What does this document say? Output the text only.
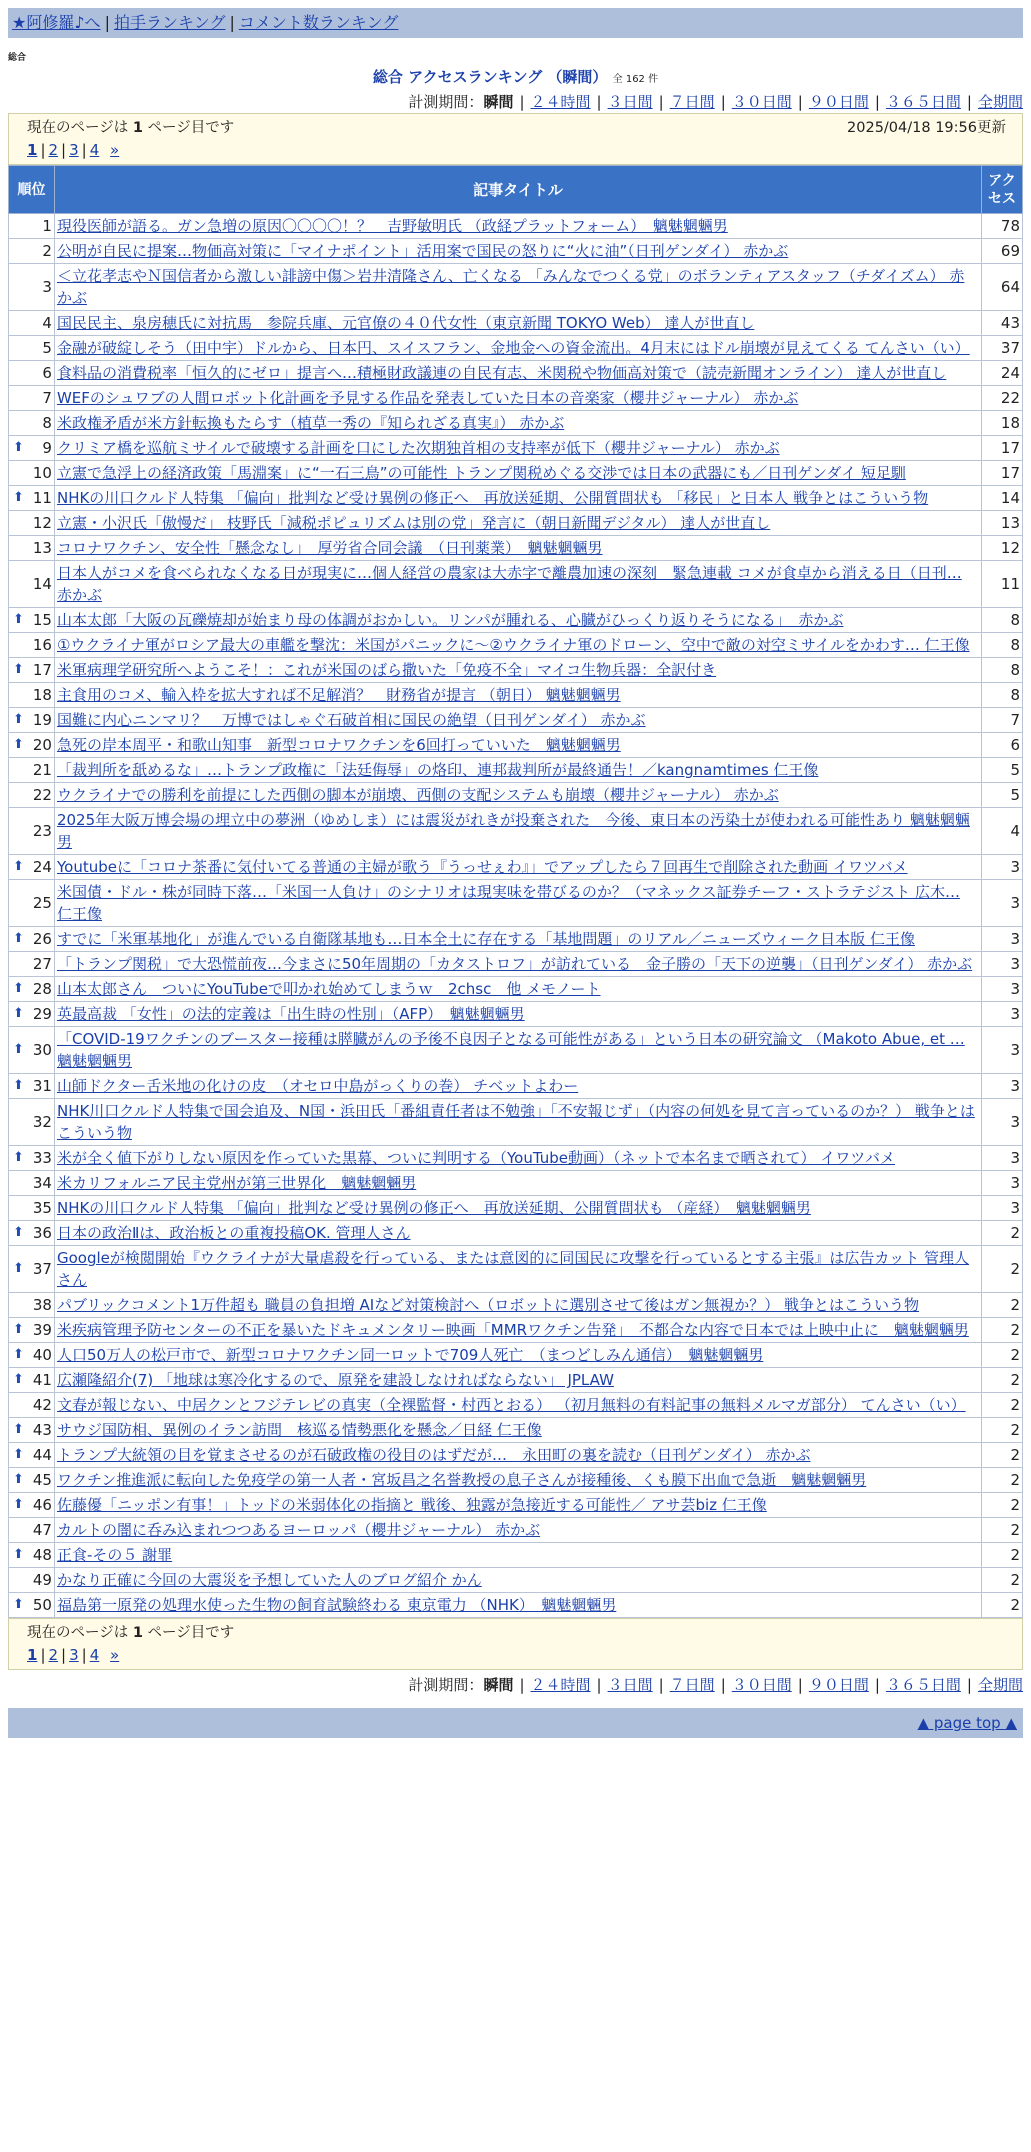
★阿修羅♪へ | 拍手ランキング | コメント数ランキング
総合
総合 アクセスランキング （瞬間） 全 162 件
計測期間：瞬間 | ２４時間 | ３日間 | ７日間 | ３０日間 | ９０日間 | ３６５日間 | 全期間
現在のページは 1 ページ目です	2025/04/18 19:56更新
1 | 2 | 3 | 4 »
順位	記事タイトル	アクセス
1	現役医師が語る。ガン急増の原因〇〇〇〇！？　吉野敏明氏 （政経プラットフォーム）　魑魅魍魎男	78
2	公明が自民に提案…物価高対策に「マイナポイント」活用案で国民の怒りに“火に油”（日刊ゲンダイ） 赤かぶ	69
3	＜立花孝志やＮ国信者から激しい誹謗中傷＞岩井清隆さん、亡くなる 「みんなでつくる党」のボランティアスタッフ（チダイズム） 赤かぶ	64
4	国民民主、泉房穂氏に対抗馬　参院兵庫、元官僚の４０代女性（東京新聞 TOKYO Web） 達人が世直し	43
5	金融が破綻しそう（田中宇）ドルから、日本円、スイスフラン、金地金への資金流出。4月末にはドル崩壊が見えてくる てんさい（い）	37
6	食料品の消費税率「恒久的にゼロ」提言へ…積極財政議連の自民有志、米関税や物価高対策で（読売新聞オンライン） 達人が世直し	24
7	WEFのシュワブの人間ロボット化計画を予見する作品を発表していた日本の音楽家（櫻井ジャーナル） 赤かぶ	22
8	米政権矛盾が米方針転換もたらす（植草一秀の『知られざる真実』） 赤かぶ	18

⬆ 9	クリミア橋を巡航ミサイルで破壊する計画を口にした次期独首相の支持率が低下（櫻井ジャーナル） 赤かぶ	17
10	立憲で急浮上の経済政策「馬淵案」に“一石三鳥”の可能性 トランプ関税めぐる交渉では日本の武器にも／日刊ゲンダイ 短足馴	17

⬆ 11	NHKの川口クルド人特集 「偏向」批判など受け異例の修正へ　再放送延期、公開質問状も 「移民」と日本人 戦争とはこういう物	14
12	立憲・小沢氏「傲慢だ」 枝野氏「減税ポピュリズムは別の党」発言に（朝日新聞デジタル） 達人が世直し	13
13	コロナワクチン、安全性「懸念なし」　厚労省合同会議　（日刊薬業）　魑魅魍魎男	12
14	日本人がコメを食べられなくなる日が現実に…個人経営の農家は大赤字で離農加速の深刻　緊急連載 コメが食卓から消える日（日刊… 赤かぶ	11

⬆ 15	山本太郎「大阪の瓦礫焼却が始まり母の体調がおかしい。リンパが腫れる、心臓がひっくり返りそうになる」　赤かぶ	8
16	①ウクライナ軍がロシア最大の車艦を撃沈：米国がパニックに～②ウクライナ軍のドローン、空中で敵の対空ミサイルをかわす… 仁王像	8

⬆ 17	米軍病理学研究所へようこそ！：これが米国のばら撒いた「免疫不全」マイコ生物兵器：全訳付き	8
18	主食用のコメ、輸入枠を拡大すれば不足解消？　財務省が提言 （朝日） 魑魅魍魎男	8

⬆ 19	国難に内心ニンマリ？　万博ではしゃぐ石破首相に国民の絶望（日刊ゲンダイ） 赤かぶ	7

⬆ 20	急死の岸本周平・和歌山知事　新型コロナワクチンを6回打っていいた　魑魅魍魎男	6
21	「裁判所を舐めるな」…トランプ政権に「法廷侮辱」の烙印、連邦裁判所が最終通告！／kangnamtimes 仁王像	5
22	ウクライナでの勝利を前提にした西側の脚本が崩壊、西側の支配システムも崩壊（櫻井ジャーナル） 赤かぶ	5
23	2025年大阪万博会場の埋立中の夢洲（ゆめしま）には震災がれきが投棄された　今後、東日本の汚染土が使われる可能性あり 魑魅魍魎男	4

⬆ 24	Youtubeに「コロナ茶番に気付いてる普通の主婦が歌う『うっせぇわ』」でアップしたら７回再生で削除された動画 イワツバメ	3
25	米国債・ドル・株が同時下落…「米国一人負け」のシナリオは現実味を帯びるのか？（マネックス証券チーフ・ストラテジスト 広木… 仁王像	3

⬆ 26	すでに「米軍基地化」が進んでいる自衛隊基地も…日本全土に存在する「基地問題」のリアル／ニューズウィーク日本版 仁王像	3
27	「トランプ関税」で大恐慌前夜…今まさに50年周期の「カタストロフ」が訪れている　金子勝の「天下の逆襲」（日刊ゲンダイ） 赤かぶ	3

⬆ 28	山本太郎さん　ついにYouTubeで叩かれ始めてしまうｗ　2chsc　他 メモノート	3

⬆ 29	英最高裁 「女性」の法的定義は「出生時の性別」（AFP）　魑魅魍魎男	3

⬆ 30	「COVID-19ワクチンのブースター接種は膵臓がんの予後不良因子となる可能性がある」という日本の研究論文 （Makoto Abue, et … 魑魅魍魎男	3

⬆ 31	山師ドクター舌米地の化けの皮　（オセロ中島がっくりの巻） チベットよわー	3
32	NHK川口クルド人特集で国会追及、N国・浜田氏「番組責任者は不勉強」「不安報じず」（内容の何処を見て言っているのか？） 戦争とはこういう物	3

⬆ 33	米が全く値下がりしない原因を作っていた黒幕、ついに判明する（YouTube動画）（ネットで本名まで晒されて） イワツバメ	3
34	米カリフォルニア民主党州が第三世界化　魑魅魍魎男	3
35	NHKの川口クルド人特集 「偏向」批判など受け異例の修正へ　再放送延期、公開質問状も （産経）　魑魅魍魎男	3

⬆ 36	日本の政治Ⅱは、政治板との重複投稿OK. 管理人さん	2

⬆ 37	Googleが検閲開始『ウクライナが大量虐殺を行っている、または意図的に同国民に攻撃を行っているとする主張』は広告カット 管理人さん	2
38	パブリックコメント1万件超も 職員の負担増 AIなど対策検討へ（ロボットに選別させて後はガン無視か？） 戦争とはこういう物	2

⬆ 39	米疾病管理予防センターの不正を暴いたドキュメンタリー映画「MMRワクチン告発」　不都合な内容で日本では上映中止に　魑魅魍魎男	2

⬆ 40	人口50万人の松戸市で、新型コロナワクチン同一ロットで709人死亡　（まつどしみん通信）　魑魅魍魎男	2

⬆ 41	広瀬隆紹介(7) 「地球は寒冷化するので、原発を建設しなければならない」 JPLAW	2
42	文春が報じない、中居クンとフジテレビの真実（全裸監督・村西とおる） （初月無料の有料記事の無料メルマガ部分） てんさい（い）	2

⬆ 43	サウジ国防相、異例のイラン訪問　核巡る情勢悪化を懸念／日経 仁王像	2

⬆ 44	トランプ大統領の目を覚まさせるのが石破政権の役目のはずだが…　永田町の裏を読む（日刊ゲンダイ） 赤かぶ	2

⬆ 45	ワクチン推進派に転向した免疫学の第一人者・宮坂昌之名誉教授の息子さんが接種後、くも膜下出血で急逝　魑魅魍魎男	2

⬆ 46	佐藤優「ニッポン有事！」トッドの米弱体化の指摘と 戦後、独露が急接近する可能性／ アサ芸biz 仁王像	2
47	カルトの闇に呑み込まれつつあるヨーロッパ（櫻井ジャーナル） 赤かぶ	2

⬆ 48	正食-その５ 謝罪	2
49	かなり正確に今回の大震災を予想していた人のブログ紹介 かん	2

⬆ 50	福島第一原発の処理水使った生物の飼育試験終わる 東京電力 （NHK）　魑魅魍魎男	2
現在のページは 1 ページ目です
1 | 2 | 3 | 4 »
計測期間：瞬間 | ２４時間 | ３日間 | ７日間 | ３０日間 | ９０日間 | ３６５日間 | 全期間
▲ page top ▲
